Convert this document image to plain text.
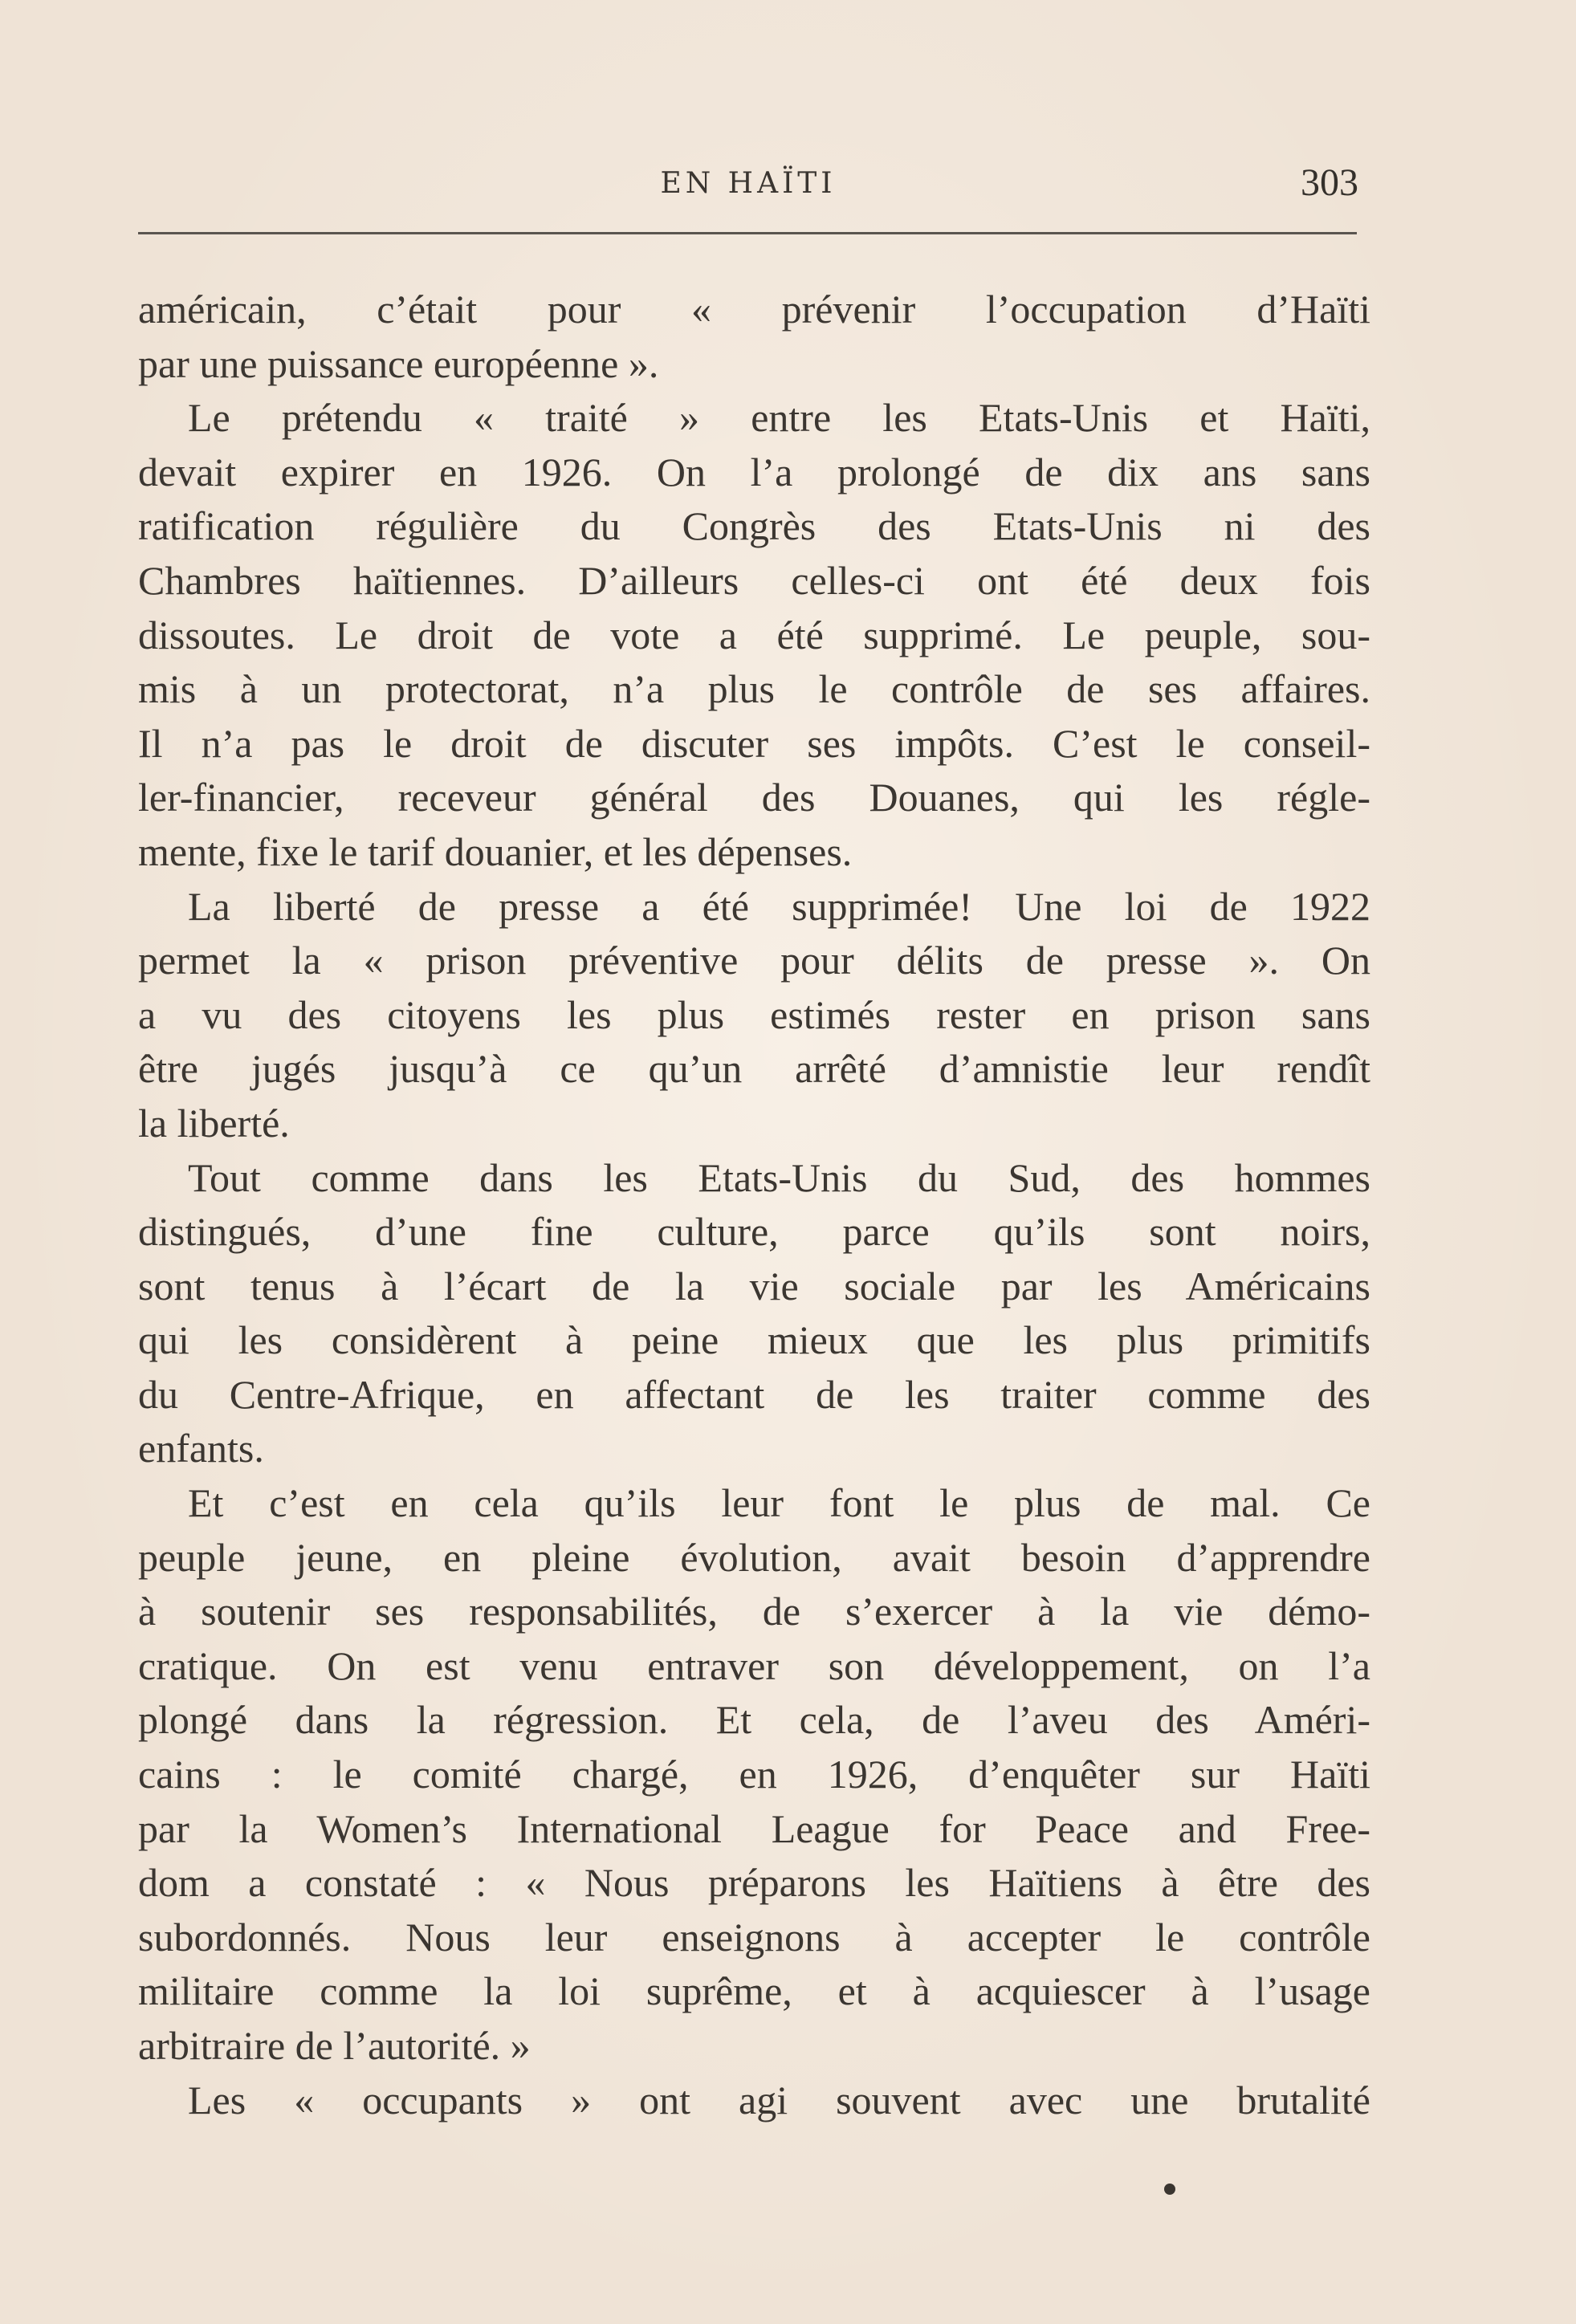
EN HAÏTI	303
américain, c’était pour « prévenir l’occupation d’Haïti
par une puissance européenne ».
Le prétendu « traité » entre les Etats-Unis et Haïti,
devait expirer en 1926. On l’a prolongé de dix ans sans
ratification régulière du Congrès des Etats-Unis ni des
Chambres haïtiennes. D’ailleurs celles-ci ont été deux fois
dissoutes. Le droit de vote a été supprimé. Le peuple, sou-
mis à un protectorat, n’a plus le contrôle de ses affaires.
Il n’a pas le droit de discuter ses impôts. C’est le conseil-
ler-financier, receveur général des Douanes, qui les régle-
mente, fixe le tarif douanier, et les dépenses.
La liberté de presse a été supprimée! Une loi de 1922
permet la « prison préventive pour délits de presse ». On
a vu des citoyens les plus estimés rester en prison sans
être jugés jusqu’à ce qu’un arrêté d’amnistie leur rendît
la liberté.
Tout comme dans les Etats-Unis du Sud, des hommes
distingués, d’une fine culture, parce qu’ils sont noirs,
sont tenus à l’écart de la vie sociale par les Américains
qui les considèrent à peine mieux que les plus primitifs
du Centre-Afrique, en affectant de les traiter comme des
enfants.
Et c’est en cela qu’ils leur font le plus de mal. Ce
peuple jeune, en pleine évolution, avait besoin d’apprendre
à soutenir ses responsabilités, de s’exercer à la vie démo-
cratique. On est venu entraver son développement, on l’a
plongé dans la régression. Et cela, de l’aveu des Améri-
cains : le comité chargé, en 1926, d’enquêter sur Haïti
par la Women’s International League for Peace and Free-
dom a constaté : « Nous préparons les Haïtiens à être des
subordonnés. Nous leur enseignons à accepter le contrôle
militaire comme la loi suprême, et à acquiescer à l’usage
arbitraire de l’autorité. »
Les « occupants » ont agi souvent avec une brutalité
